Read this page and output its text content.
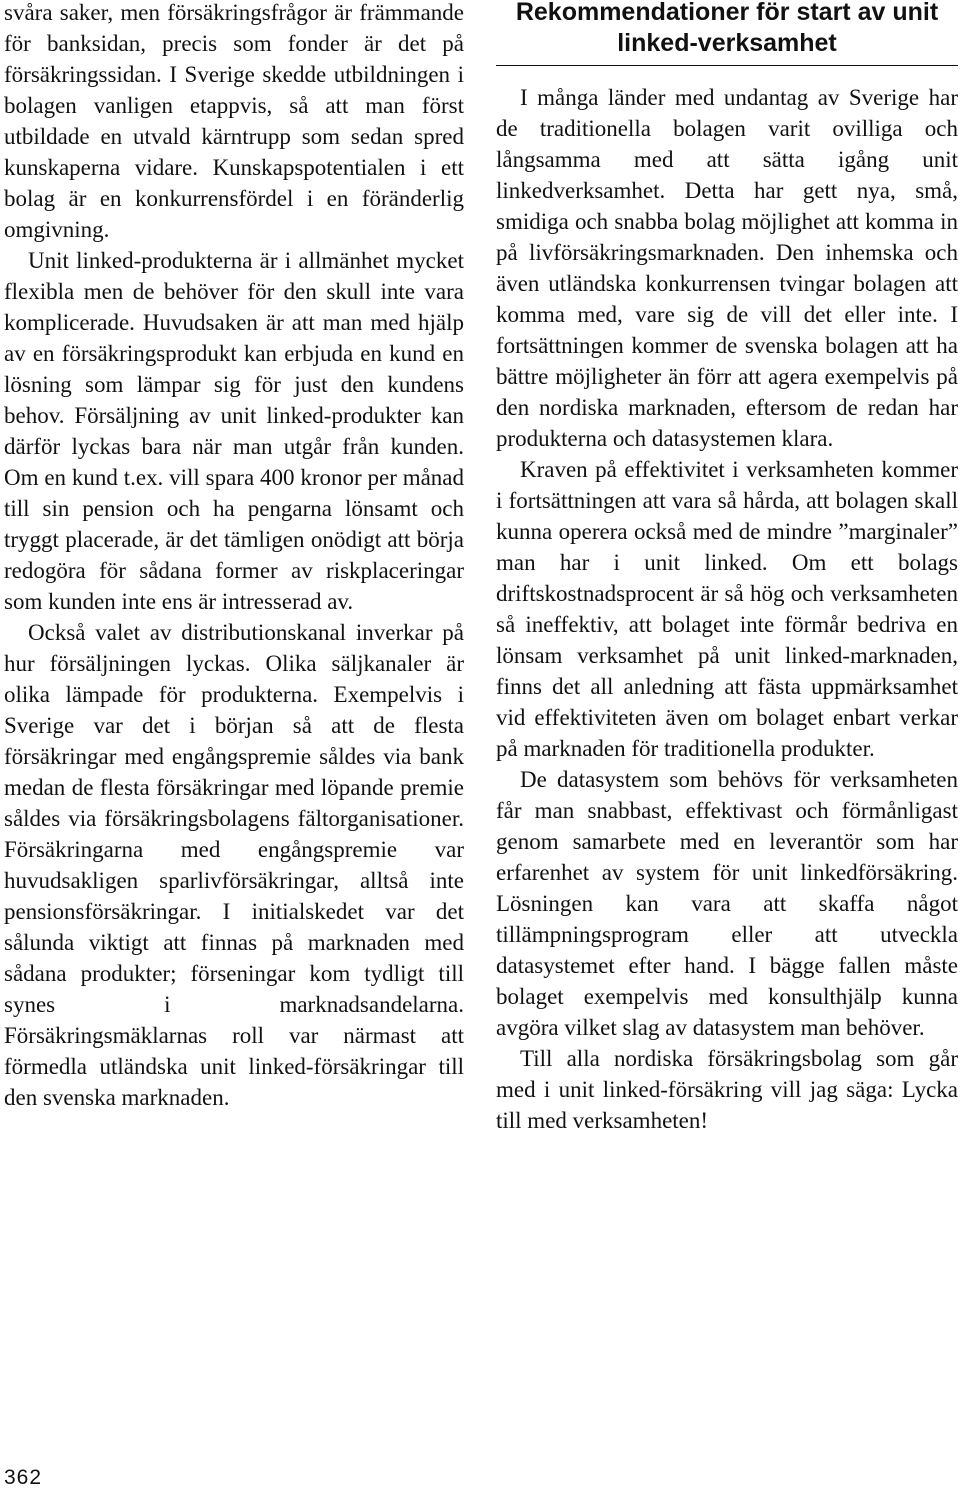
svåra saker, men försäkringsfrågor är främmande för banksidan, precis som fonder är det på försäkringssidan. I Sverige skedde utbildningen i bolagen vanligen etappvis, så att man först utbildade en utvald kärntrupp som sedan spred kunskaperna vidare. Kunskapspotentialen i ett bolag är en konkurrensfördel i en föränderlig omgivning.

Unit linked-produkterna är i allmänhet mycket flexibla men de behöver för den skull inte vara komplicerade. Huvudsaken är att man med hjälp av en försäkringsprodukt kan erbjuda en kund en lösning som lämpar sig för just den kundens behov. Försäljning av unit linked-produkter kan därför lyckas bara när man utgår från kunden. Om en kund t.ex. vill spara 400 kronor per månad till sin pension och ha pengarna lönsamt och tryggt placerade, är det tämligen onödigt att börja redogöra för sådana former av riskplaceringar som kunden inte ens är intresserad av.

Också valet av distributionskanal inverkar på hur försäljningen lyckas. Olika säljkanaler är olika lämpade för produkterna. Exempelvis i Sverige var det i början så att de flesta försäkringar med engångspremie såldes via bank medan de flesta försäkringar med löpande premie såldes via försäkringsbolagens fältorganisationer. Försäkringarna med engångspremie var huvudsakligen sparlivförsäkringar, alltså inte pensionsförsäkringar. I initialskedet var det sålunda viktigt att finnas på marknaden med sådana produkter; förseningar kom tydligt till synes i marknadsandelarna. Försäkringsmäklarnas roll var närmast att förmedla utländska unit linked-försäkringar till den svenska marknaden.

Rekommendationer för start av unit linked-verksamhet

I många länder med undantag av Sverige har de traditionella bolagen varit ovilliga och långsamma med att sätta igång unit linkedverksamhet. Detta har gett nya, små, smidiga och snabba bolag möjlighet att komma in på livförsäkringsmarknaden. Den inhemska och även utländska konkurrensen tvingar bolagen att komma med, vare sig de vill det eller inte. I fortsättningen kommer de svenska bolagen att ha bättre möjligheter än förr att agera exempelvis på den nordiska marknaden, eftersom de redan har produkterna och datasystemen klara.

Kraven på effektivitet i verksamheten kommer i fortsättningen att vara så hårda, att bolagen skall kunna operera också med de mindre ”marginaler” man har i unit linked. Om ett bolags driftskostnadsprocent är så hög och verksamheten så ineffektiv, att bolaget inte förmår bedriva en lönsam verksamhet på unit linked-marknaden, finns det all anledning att fästa uppmärksamhet vid effektiviteten även om bolaget enbart verkar på marknaden för traditionella produkter.

De datasystem som behövs för verksamheten får man snabbast, effektivast och förmånligast genom samarbete med en leverantör som har erfarenhet av system för unit linkedförsäkring. Lösningen kan vara att skaffa något tillämpningsprogram eller att utveckla datasystemet efter hand. I bägge fallen måste bolaget exempelvis med konsulthjälp kunna avgöra vilket slag av datasystem man behöver.

Till alla nordiska försäkringsbolag som går med i unit linked-försäkring vill jag säga: Lycka till med verksamheten!

362
